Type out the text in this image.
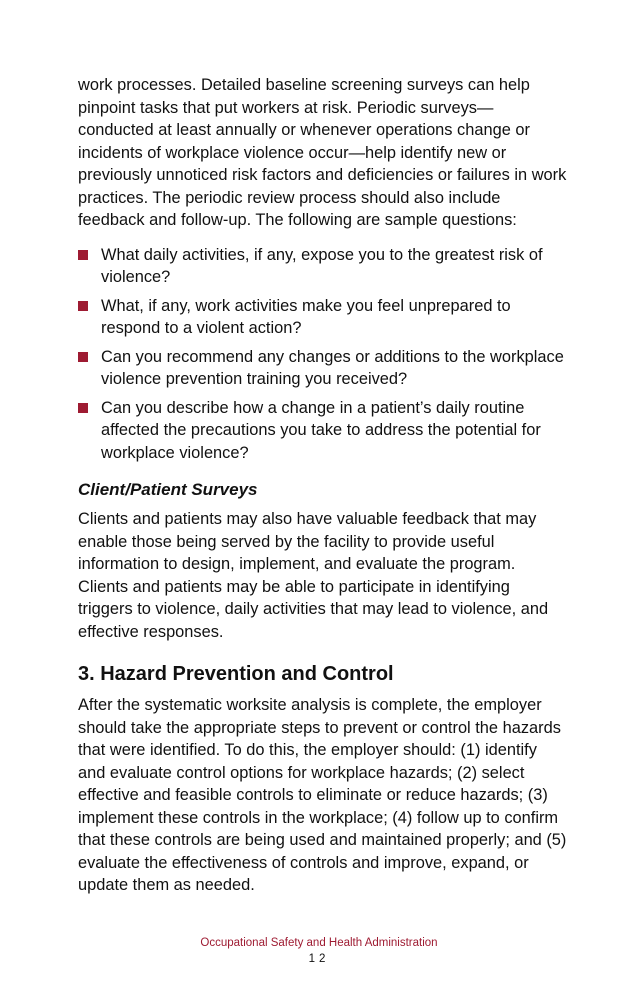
work processes. Detailed baseline screening surveys can help pinpoint tasks that put workers at risk. Periodic surveys—conducted at least annually or whenever operations change or incidents of workplace violence occur—help identify new or previously unnoticed risk factors and deficiencies or failures in work practices. The periodic review process should also include feedback and follow-up. The following are sample questions:

What daily activities, if any, expose you to the greatest risk of violence?
What, if any, work activities make you feel unprepared to respond to a violent action?
Can you recommend any changes or additions to the workplace violence prevention training you received?
Can you describe how a change in a patient’s daily routine affected the precautions you take to address the potential for workplace violence?
Client/Patient Surveys

Clients and patients may also have valuable feedback that may enable those being served by the facility to provide useful information to design, implement, and evaluate the program. Clients and patients may be able to participate in identifying triggers to violence, daily activities that may lead to violence, and effective responses.

3. Hazard Prevention and Control

After the systematic worksite analysis is complete, the employer should take the appropriate steps to prevent or control the hazards that were identified. To do this, the employer should: (1) identify and evaluate control options for workplace hazards; (2) select effective and feasible controls to eliminate or reduce hazards; (3) implement these controls in the workplace; (4) follow up to confirm that these controls are being used and maintained properly; and (5) evaluate the effectiveness of controls and improve, expand, or update them as needed.

Occupational Safety and Health Administration
12
